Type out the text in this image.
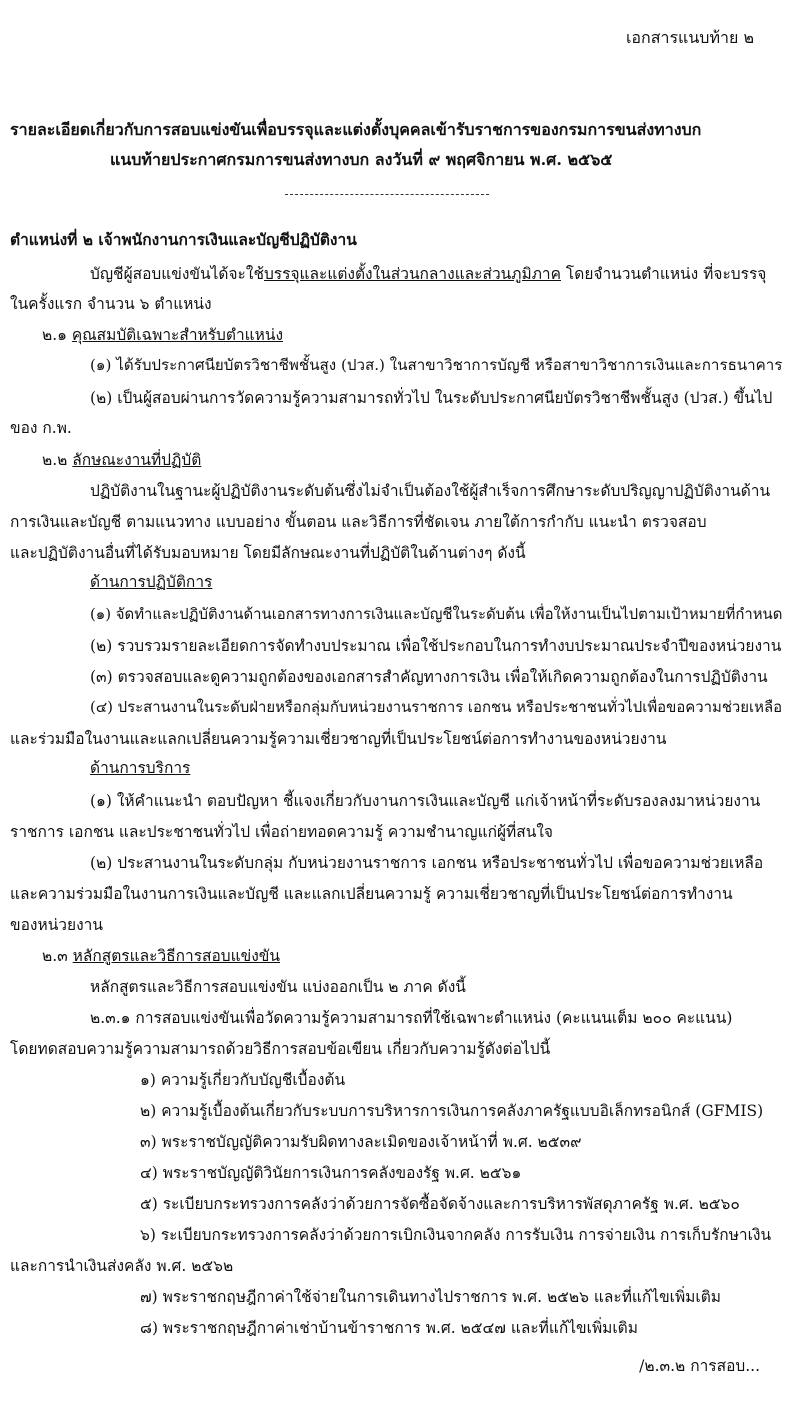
เอกสารแนบท้าย ๒
รายละเอียดเกี่ยวกับการสอบแข่งขันเพื่อบรรจุและแต่งตั้งบุคคลเข้ารับราชการของกรมการขนส่งทางบก
แนบท้ายประกาศกรมการขนส่งทางบก ลงวันที่ ๙ พฤศจิกายน พ.ศ. ๒๕๖๕
ตำแหน่งที่ ๒ เจ้าพนักงานการเงินและบัญชีปฏิบัติงาน
บัญชีผู้สอบแข่งขันได้จะใช้บรรจุและแต่งตั้งในส่วนกลางและส่วนภูมิภาค โดยจำนวนตำแหน่ง ที่จะบรรจุ
ในครั้งแรก จำนวน ๖ ตำแหน่ง
๒.๑ คุณสมบัติเฉพาะสำหรับตำแหน่ง
(๑) ได้รับประกาศนียบัตรวิชาชีพชั้นสูง (ปวส.) ในสาขาวิชาการบัญชี หรือสาขาวิชาการเงินและการธนาคาร
(๒) เป็นผู้สอบผ่านการวัดความรู้ความสามารถทั่วไป ในระดับประกาศนียบัตรวิชาชีพชั้นสูง (ปวส.) ขึ้นไป
ของ ก.พ.
๒.๒ ลักษณะงานที่ปฏิบัติ
ปฏิบัติงานในฐานะผู้ปฏิบัติงานระดับต้นซึ่งไม่จำเป็นต้องใช้ผู้สำเร็จการศึกษาระดับปริญญาปฏิบัติงานด้าน
การเงินและบัญชี ตามแนวทาง แบบอย่าง ขั้นตอน และวิธีการที่ชัดเจน ภายใต้การกำกับ แนะนำ ตรวจสอบ
และปฏิบัติงานอื่นที่ได้รับมอบหมาย โดยมีลักษณะงานที่ปฏิบัติในด้านต่างๆ ดังนี้
ด้านการปฏิบัติการ
(๑) จัดทำและปฏิบัติงานด้านเอกสารทางการเงินและบัญชีในระดับต้น เพื่อให้งานเป็นไปตามเป้าหมายที่กำหนด
(๒) รวบรวมรายละเอียดการจัดทำงบประมาณ เพื่อใช้ประกอบในการทำงบประมาณประจำปีของหน่วยงาน
(๓) ตรวจสอบและดูความถูกต้องของเอกสารสำคัญทางการเงิน เพื่อให้เกิดความถูกต้องในการปฏิบัติงาน
(๔) ประสานงานในระดับฝ่ายหรือกลุ่มกับหน่วยงานราชการ เอกชน หรือประชาชนทั่วไปเพื่อขอความช่วยเหลือ
และร่วมมือในงานและแลกเปลี่ยนความรู้ความเชี่ยวชาญที่เป็นประโยชน์ต่อการทำงานของหน่วยงาน
ด้านการบริการ
(๑) ให้คำแนะนำ ตอบปัญหา ชี้แจงเกี่ยวกับงานการเงินและบัญชี แก่เจ้าหน้าที่ระดับรองลงมาหน่วยงาน
ราชการ เอกชน และประชาชนทั่วไป เพื่อถ่ายทอดความรู้ ความชำนาญแก่ผู้ที่สนใจ
(๒) ประสานงานในระดับกลุ่ม กับหน่วยงานราชการ เอกชน หรือประชาชนทั่วไป เพื่อขอความช่วยเหลือ
และความร่วมมือในงานการเงินและบัญชี และแลกเปลี่ยนความรู้ ความเชี่ยวชาญที่เป็นประโยชน์ต่อการทำงาน
ของหน่วยงาน
๒.๓ หลักสูตรและวิธีการสอบแข่งขัน
หลักสูตรและวิธีการสอบแข่งขัน แบ่งออกเป็น ๒ ภาค ดังนี้
๒.๓.๑ การสอบแข่งขันเพื่อวัดความรู้ความสามารถที่ใช้เฉพาะตำแหน่ง (คะแนนเต็ม ๒๐๐ คะแนน)
โดยทดสอบความรู้ความสามารถด้วยวิธีการสอบข้อเขียน เกี่ยวกับความรู้ดังต่อไปนี้
๑) ความรู้เกี่ยวกับบัญชีเบื้องต้น
๒) ความรู้เบื้องต้นเกี่ยวกับระบบการบริหารการเงินการคลังภาครัฐแบบอิเล็กทรอนิกส์ (GFMIS)
๓) พระราชบัญญัติความรับผิดทางละเมิดของเจ้าหน้าที่ พ.ศ. ๒๕๓๙
๔) พระราชบัญญัติวินัยการเงินการคลังของรัฐ พ.ศ. ๒๕๖๑
๕) ระเบียบกระทรวงการคลังว่าด้วยการจัดซื้อจัดจ้างและการบริหารพัสดุภาครัฐ พ.ศ. ๒๕๖๐
๖) ระเบียบกระทรวงการคลังว่าด้วยการเบิกเงินจากคลัง การรับเงิน การจ่ายเงิน การเก็บรักษาเงิน
และการนำเงินส่งคลัง พ.ศ. ๒๕๖๒
๗) พระราชกฤษฎีกาค่าใช้จ่ายในการเดินทางไปราชการ พ.ศ. ๒๕๒๖ และที่แก้ไขเพิ่มเติม
๘) พระราชกฤษฎีกาค่าเช่าบ้านข้าราชการ พ.ศ. ๒๕๔๗ และที่แก้ไขเพิ่มเติม
/๒.๓.๒ การสอบ...
